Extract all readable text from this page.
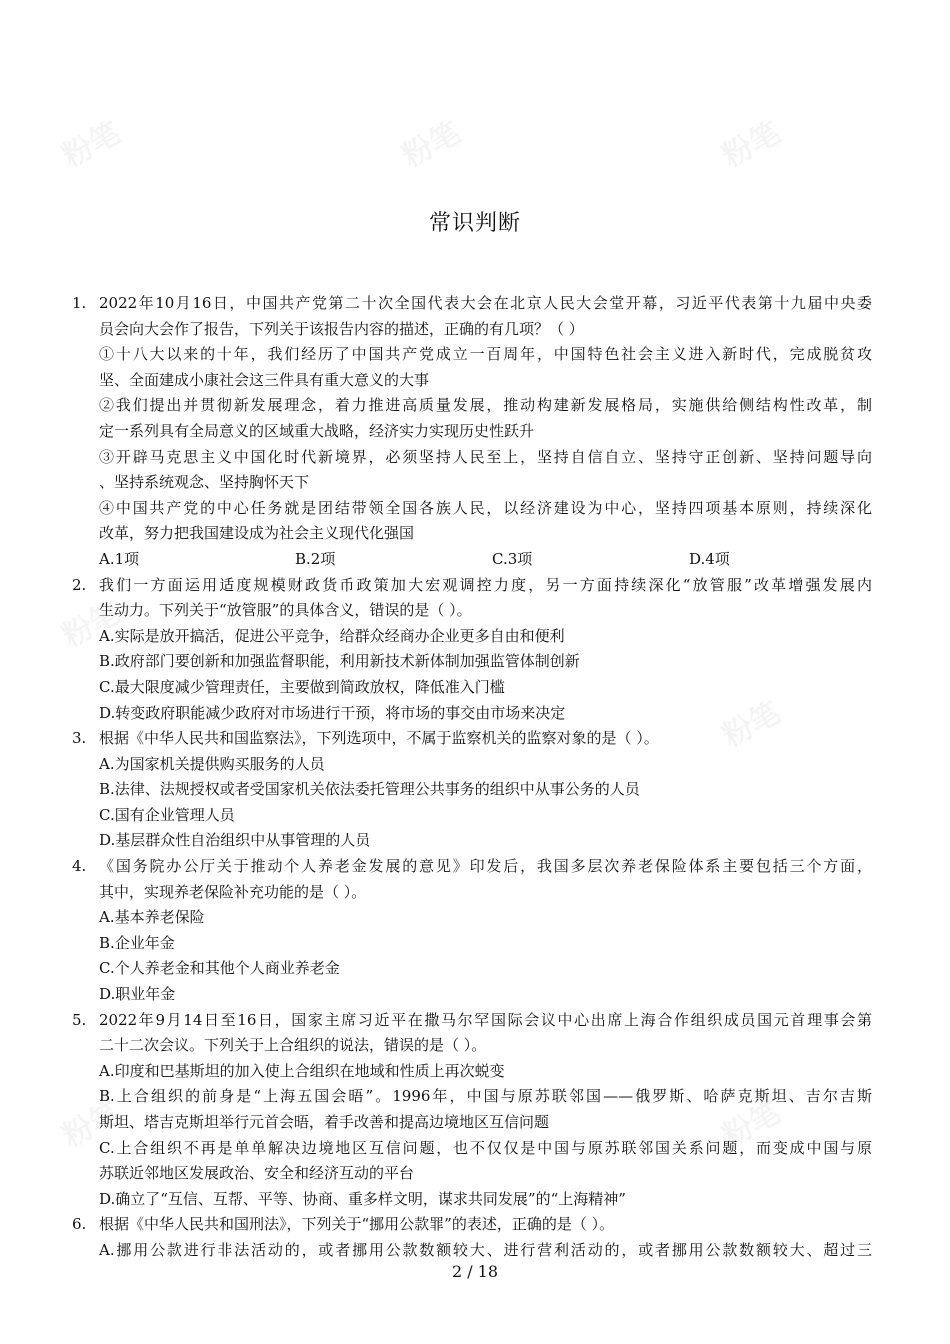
粉笔	粉笔	粉笔
粉笔
粉笔
粉笔	粉笔
常识判断
1. 2022年10月16日，中国共产党第二十次全国代表大会在北京人民大会堂开幕，习近平代表第十九届中央委
员会向大会作了报告，下列关于该报告内容的描述，正确的有几项？（ ）
①十八大以来的十年，我们经历了中国共产党成立一百周年，中国特色社会主义进入新时代，完成脱贫攻
坚、全面建成小康社会这三件具有重大意义的大事
②我们提出并贯彻新发展理念，着力推进高质量发展，推动构建新发展格局，实施供给侧结构性改革，制
定一系列具有全局意义的区域重大战略，经济实力实现历史性跃升
③开辟马克思主义中国化时代新境界，必须坚持人民至上，坚持自信自立、坚持守正创新、坚持问题导向
、坚持系统观念、坚持胸怀天下
④中国共产党的中心任务就是团结带领全国各族人民，以经济建设为中心，坚持四项基本原则，持续深化
改革，努力把我国建设成为社会主义现代化强国
A.1项	B.2项	C.3项	D.4项
2. 我们一方面运用适度规模财政货币政策加大宏观调控力度，另一方面持续深化“放管服”改革增强发展内
生动力。下列关于“放管服”的具体含义，错误的是（ ）。
A.实际是放开搞活，促进公平竞争，给群众经商办企业更多自由和便利
B.政府部门要创新和加强监督职能，利用新技术新体制加强监管体制创新
C.最大限度减少管理责任，主要做到简政放权，降低准入门槛
D.转变政府职能减少政府对市场进行干预，将市场的事交由市场来决定
3. 根据《中华人民共和国监察法》，下列选项中，不属于监察机关的监察对象的是（ ）。
A.为国家机关提供购买服务的人员
B.法律、法规授权或者受国家机关依法委托管理公共事务的组织中从事公务的人员
C.国有企业管理人员
D.基层群众性自治组织中从事管理的人员
4. 《国务院办公厅关于推动个人养老金发展的意见》印发后，我国多层次养老保险体系主要包括三个方面，
其中，实现养老保险补充功能的是（ ）。
A.基本养老保险
B.企业年金
C.个人养老金和其他个人商业养老金
D.职业年金
5. 2022年9月14日至16日，国家主席习近平在撒马尔罕国际会议中心出席上海合作组织成员国元首理事会第
二十二次会议。下列关于上合组织的说法，错误的是（ ）。
A.印度和巴基斯坦的加入使上合组织在地域和性质上再次蜕变
B.上合组织的前身是“上海五国会晤”。1996年，中国与原苏联邻国——俄罗斯、哈萨克斯坦、吉尔吉斯
斯坦、塔吉克斯坦举行元首会晤，着手改善和提高边境地区互信问题
C.上合组织不再是单单解决边境地区互信问题，也不仅仅是中国与原苏联邻国关系问题，而变成中国与原
苏联近邻地区发展政治、安全和经济互动的平台
D.确立了“互信、互帮、平等、协商、重多样文明，谋求共同发展”的“上海精神”
6. 根据《中华人民共和国刑法》，下列关于“挪用公款罪”的表述，正确的是（ ）。
A.挪用公款进行非法活动的，或者挪用公款数额较大、进行营利活动的，或者挪用公款数额较大、超过三
2 / 18
